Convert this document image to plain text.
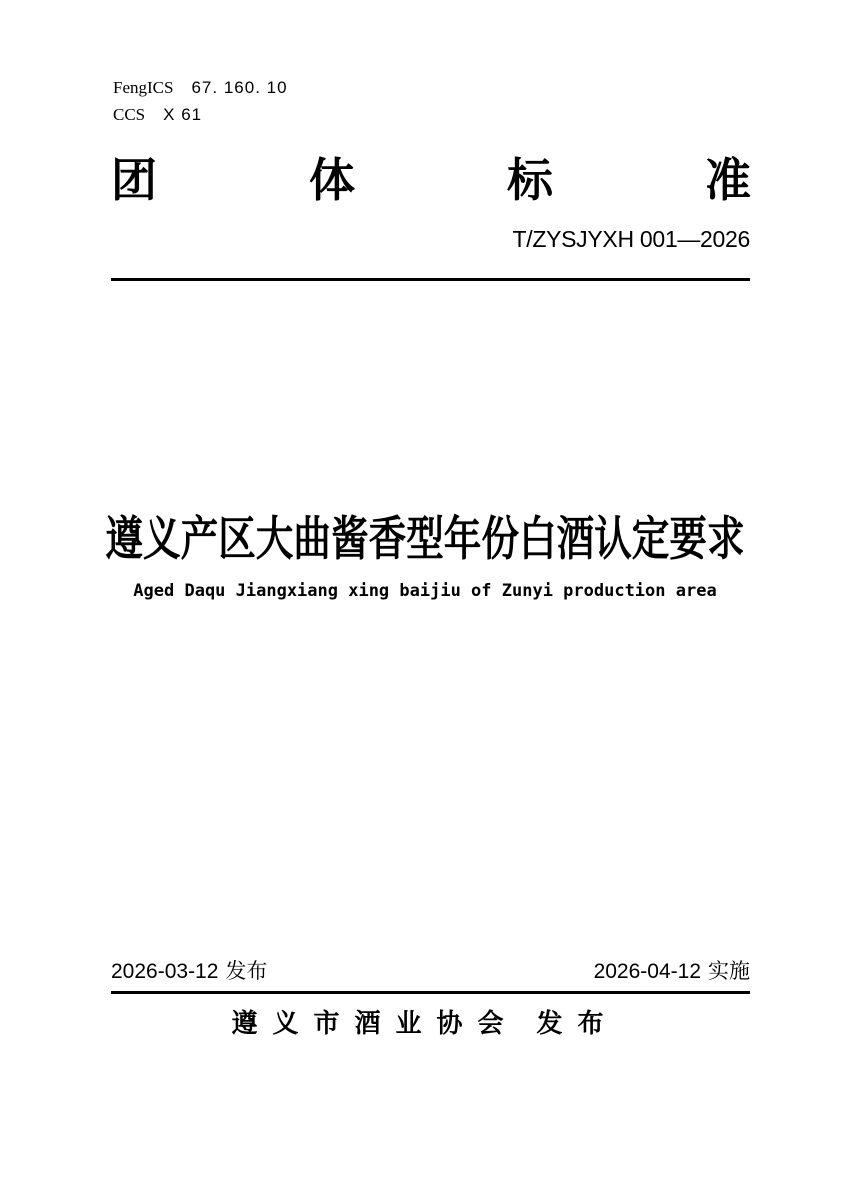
FengICS 67. 160. 10
CCS X 61
团	体	标	准
T/ZYSJYXH 001—2026
遵义产区大曲酱香型年份白酒认定要求
Aged Daqu Jiangxiang xing baijiu of Zunyi production area
2026-03-12 发布	2026-04-12 实施
遵义市酒业协会 发布
